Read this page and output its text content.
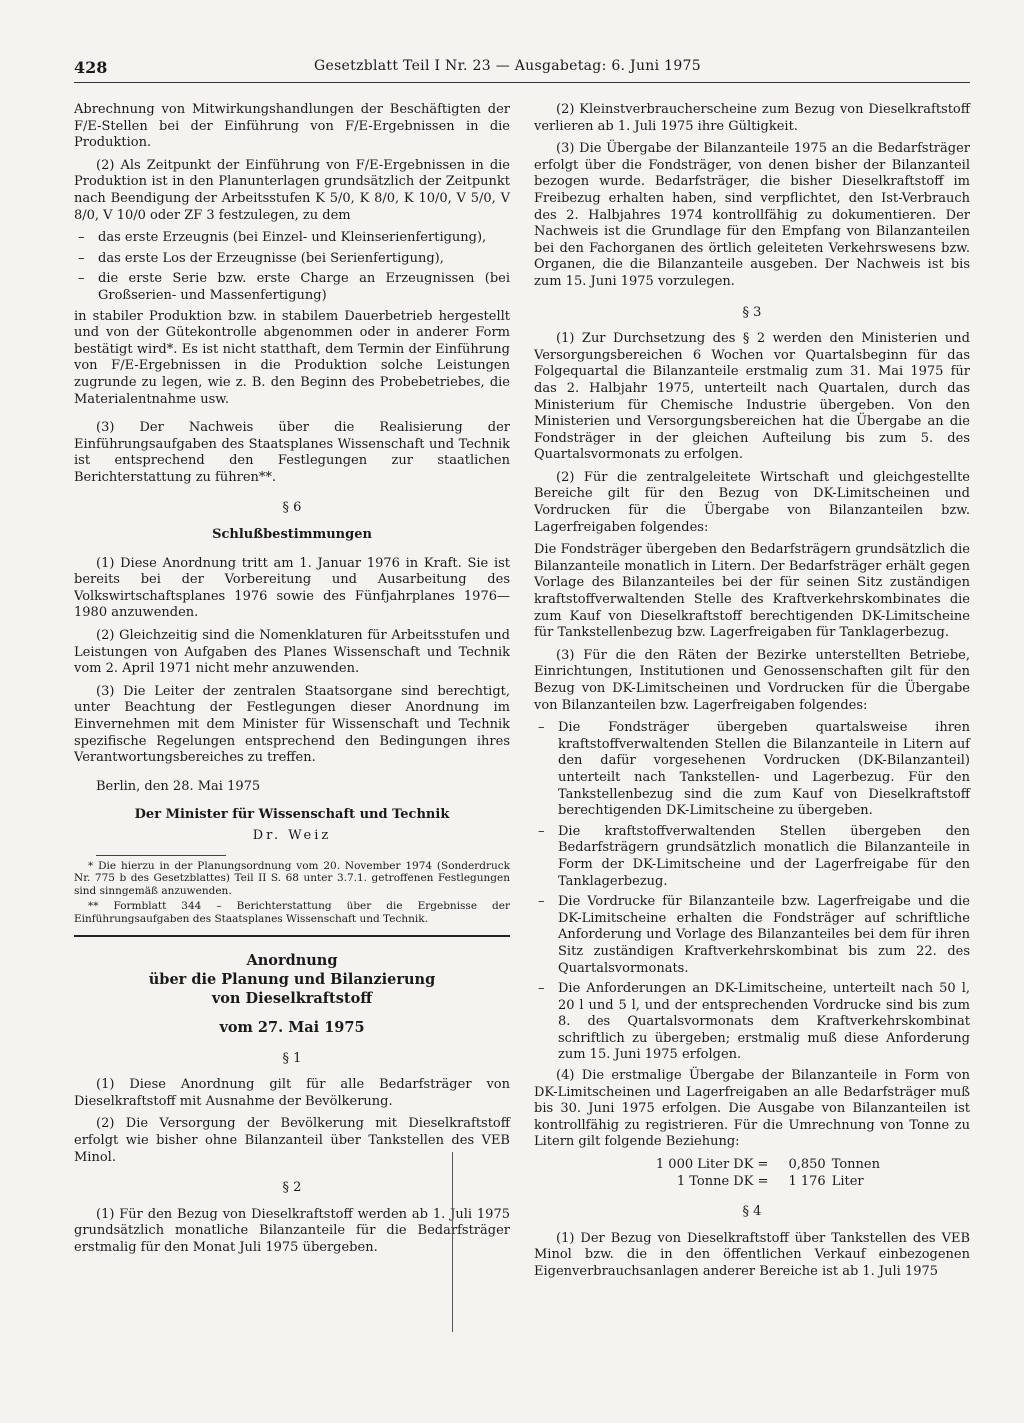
428	Gesetzblatt Teil I Nr. 23 — Ausgabetag: 6. Juni 1975

Abrechnung von Mitwirkungshandlungen der Beschäftigten der F/E-Stellen bei der Einführung von F/E-Ergebnissen in die Produktion.

(2) Als Zeitpunkt der Einführung von F/E-Ergebnissen in die Produktion ist in den Planunterlagen grundsätzlich der Zeitpunkt nach Beendigung der Arbeitsstufen K 5/0, K 8/0, K 10/0, V 5/0, V 8/0, V 10/0 oder ZF 3 festzulegen, zu dem

– das erste Erzeugnis (bei Einzel- und Kleinserienfertigung),
– das erste Los der Erzeugnisse (bei Serienfertigung),
– die erste Serie bzw. erste Charge an Erzeugnissen (bei Großserien- und Massenfertigung)

in stabiler Produktion bzw. in stabilem Dauerbetrieb hergestellt und von der Gütekontrolle abgenommen oder in anderer Form bestätigt wird*. Es ist nicht statthaft, dem Termin der Einführung von F/E-Ergebnissen in die Produktion solche Leistungen zugrunde zu legen, wie z. B. den Beginn des Probebetriebes, die Materialentnahme usw.

(3) Der Nachweis über die Realisierung der Einführungsaufgaben des Staatsplanes Wissenschaft und Technik ist entsprechend den Festlegungen zur staatlichen Berichterstattung zu führen**.

§ 6
Schlußbestimmungen

(1) Diese Anordnung tritt am 1. Januar 1976 in Kraft. Sie ist bereits bei der Vorbereitung und Ausarbeitung des Volkswirtschaftsplanes 1976 sowie des Fünfjahrplanes 1976—1980 anzuwenden.

(2) Gleichzeitig sind die Nomenklaturen für Arbeitsstufen und Leistungen von Aufgaben des Planes Wissenschaft und Technik vom 2. April 1971 nicht mehr anzuwenden.

(3) Die Leiter der zentralen Staatsorgane sind berechtigt, unter Beachtung der Festlegungen dieser Anordnung im Einvernehmen mit dem Minister für Wissenschaft und Technik spezifische Regelungen entsprechend den Bedingungen ihres Verantwortungsbereiches zu treffen.

Berlin, den 28. Mai 1975

Der Minister für Wissenschaft und Technik
Dr. Weiz

* Die hierzu in der Planungsordnung vom 20. November 1974 (Sonderdruck Nr. 775 b des Gesetzblattes) Teil II S. 68 unter 3.7.1. getroffenen Festlegungen sind sinngemäß anzuwenden.

** Formblatt 344 – Berichterstattung über die Ergebnisse der Einführungsaufgaben des Staatsplanes Wissenschaft und Technik.

Anordnung

über die Planung und Bilanzierung

von Dieselkraftstoff

vom 27. Mai 1975

§ 1

(1) Diese Anordnung gilt für alle Bedarfsträger von Dieselkraftstoff mit Ausnahme der Bevölkerung.

(2) Die Versorgung der Bevölkerung mit Dieselkraftstoff erfolgt wie bisher ohne Bilanzanteil über Tankstellen des VEB Minol.

§ 2

(1) Für den Bezug von Dieselkraftstoff werden ab 1. Juli 1975 grundsätzlich monatliche Bilanzanteile für die Bedarfsträger erstmalig für den Monat Juli 1975 übergeben.

(2) Kleinstverbraucherscheine zum Bezug von Dieselkraftstoff verlieren ab 1. Juli 1975 ihre Gültigkeit.

(3) Die Übergabe der Bilanzanteile 1975 an die Bedarfsträger erfolgt über die Fondsträger, von denen bisher der Bilanzanteil bezogen wurde. Bedarfsträger, die bisher Dieselkraftstoff im Freibezug erhalten haben, sind verpflichtet, den Ist-Verbrauch des 2. Halbjahres 1974 kontrollfähig zu dokumentieren. Der Nachweis ist die Grundlage für den Empfang von Bilanzanteilen bei den Fachorganen des örtlich geleiteten Verkehrswesens bzw. Organen, die die Bilanzanteile ausgeben. Der Nachweis ist bis zum 15. Juni 1975 vorzulegen.

§ 3

(1) Zur Durchsetzung des § 2 werden den Ministerien und Versorgungsbereichen 6 Wochen vor Quartalsbeginn für das Folgequartal die Bilanzanteile erstmalig zum 31. Mai 1975 für das 2. Halbjahr 1975, unterteilt nach Quartalen, durch das Ministerium für Chemische Industrie übergeben. Von den Ministerien und Versorgungsbereichen hat die Übergabe an die Fondsträger in der gleichen Aufteilung bis zum 5. des Quartalsvormonats zu erfolgen.

(2) Für die zentralgeleitete Wirtschaft und gleichgestellte Bereiche gilt für den Bezug von DK-Limitscheinen und Vordrucken für die Übergabe von Bilanzanteilen bzw. Lagerfreigaben folgendes:

Die Fondsträger übergeben den Bedarfsträgern grundsätzlich die Bilanzanteile monatlich in Litern. Der Bedarfsträger erhält gegen Vorlage des Bilanzanteiles bei der für seinen Sitz zuständigen kraftstoffverwaltenden Stelle des Kraftverkehrskombinates die zum Kauf von Dieselkraftstoff berechtigenden DK-Limitscheine für Tankstellenbezug bzw. Lagerfreigaben für Tanklagerbezug.

(3) Für die den Räten der Bezirke unterstellten Betriebe, Einrichtungen, Institutionen und Genossenschaften gilt für den Bezug von DK-Limitscheinen und Vordrucken für die Übergabe von Bilanzanteilen bzw. Lagerfreigaben folgendes:

– Die Fondsträger übergeben quartalsweise ihren kraftstoffverwaltenden Stellen die Bilanzanteile in Litern auf den dafür vorgesehenen Vordrucken (DK-Bilanzanteil) unterteilt nach Tankstellen- und Lagerbezug. Für den Tankstellenbezug sind die zum Kauf von Dieselkraftstoff berechtigenden DK-Limitscheine zu übergeben.
– Die kraftstoffverwaltenden Stellen übergeben den Bedarfsträgern grundsätzlich monatlich die Bilanzanteile in Form der DK-Limitscheine und der Lagerfreigabe für den Tanklagerbezug.
– Die Vordrucke für Bilanzanteile bzw. Lagerfreigabe und die DK-Limitscheine erhalten die Fondsträger auf schriftliche Anforderung und Vorlage des Bilanzanteiles bei dem für ihren Sitz zuständigen Kraftverkehrskombinat bis zum 22. des Quartalsvormonats.
– Die Anforderungen an DK-Limitscheine, unterteilt nach 50 l, 20 l und 5 l, und der entsprechenden Vordrucke sind bis zum 8. des Quartalsvormonats dem Kraftverkehrskombinat schriftlich zu übergeben; erstmalig muß diese Anforderung zum 15. Juni 1975 erfolgen.

(4) Die erstmalige Übergabe der Bilanzanteile in Form von DK-Limitscheinen und Lagerfreigaben an alle Bedarfsträger muß bis 30. Juni 1975 erfolgen. Die Ausgabe von Bilanzanteilen ist kontrollfähig zu registrieren. Für die Umrechnung von Tonne zu Litern gilt folgende Beziehung:

1 000 Liter DK =	0,850 Tonnen
1 Tonne DK =	1 176 Liter
§ 4

(1) Der Bezug von Dieselkraftstoff über Tankstellen des VEB Minol bzw. die in den öffentlichen Verkauf einbezogenen Eigenverbrauchsanlagen anderer Bereiche ist ab 1. Juli 1975
